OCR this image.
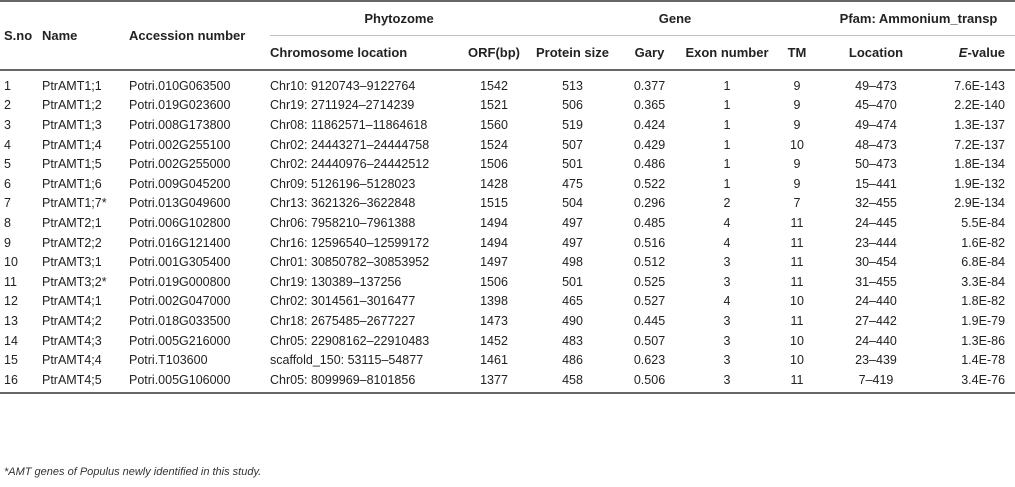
S.no	Name	Accession number	Phytozome		Gene				Pfam: Ammonium_transp	
			Chromosome location	ORF(bp)	Protein size	Gary	Exon number	TM	Location	E-value
1	PtrAMT1;1	Potri.010G063500	Chr10: 9120743–9122764	1542	513	0.377	1	9	49–473	7.6E-143
2	PtrAMT1;2	Potri.019G023600	Chr19: 2711924–2714239	1521	506	0.365	1	9	45–470	2.2E-140
3	PtrAMT1;3	Potri.008G173800	Chr08: 11862571–11864618	1560	519	0.424	1	9	49–474	1.3E-137
4	PtrAMT1;4	Potri.002G255100	Chr02: 24443271–24444758	1524	507	0.429	1	10	48–473	7.2E-137
5	PtrAMT1;5	Potri.002G255000	Chr02: 24440976–24442512	1506	501	0.486	1	9	50–473	1.8E-134
6	PtrAMT1;6	Potri.009G045200	Chr09: 5126196–5128023	1428	475	0.522	1	9	15–441	1.9E-132
7	PtrAMT1;7*	Potri.013G049600	Chr13: 3621326–3622848	1515	504	0.296	2	7	32–455	2.9E-134
8	PtrAMT2;1	Potri.006G102800	Chr06: 7958210–7961388	1494	497	0.485	4	11	24–445	5.5E-84
9	PtrAMT2;2	Potri.016G121400	Chr16: 12596540–12599172	1494	497	0.516	4	11	23–444	1.6E-82
10	PtrAMT3;1	Potri.001G305400	Chr01: 30850782–30853952	1497	498	0.512	3	11	30–454	6.8E-84
11	PtrAMT3;2*	Potri.019G000800	Chr19: 130389–137256	1506	501	0.525	3	11	31–455	3.3E-84
12	PtrAMT4;1	Potri.002G047000	Chr02: 3014561–3016477	1398	465	0.527	4	10	24–440	1.8E-82
13	PtrAMT4;2	Potri.018G033500	Chr18: 2675485–2677227	1473	490	0.445	3	11	27–442	1.9E-79
14	PtrAMT4;3	Potri.005G216000	Chr05: 22908162–22910483	1452	483	0.507	3	10	24–440	1.3E-86
15	PtrAMT4;4	Potri.T103600	scaffold_150: 53115–54877	1461	486	0.623	3	10	23–439	1.4E-78
16	PtrAMT4;5	Potri.005G106000	Chr05: 8099969–8101856	1377	458	0.506	3	11	7–419	3.4E-76
*AMT genes of Populus newly identified in this study.
